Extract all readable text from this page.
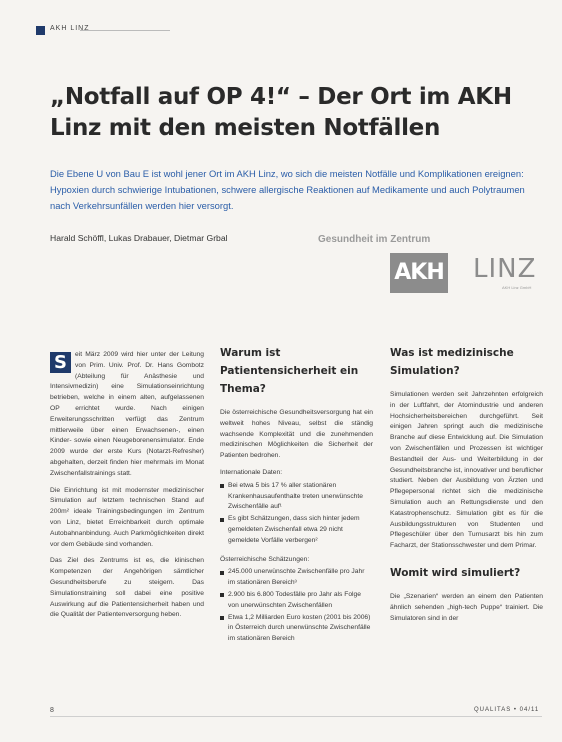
AKH LINZ
„Notfall auf OP 4!“ – Der Ort im AKH Linz mit den meisten Notfällen
Die Ebene U von Bau E ist wohl jener Ort im AKH Linz, wo sich die meisten Notfälle und Komplikationen ereignen: Hypoxien durch schwierige Intubationen, schwere allergische Reaktionen auf Medikamente und auch Polytraumen nach Verkehrsunfällen werden hier versorgt.
Harald Schöffl, Lukas Drabauer, Dietmar Grbal	Gesundheit im Zentrum
AKH LINZ
AKH Linz GmbH

S	eit März 2009 wird hier unter der Leitung von Prim. Univ. Prof. Dr. Hans Gombotz (Abteilung für Anästhesie und Intensivmedizin) eine Simulationseinrichtung betrieben, welche in einem alten, aufgelassenen OP errichtet wurde. Nach einigen Erweiterungsschritten verfügt das Zentrum mittlerweile über einen Erwachsenen-, einen Kinder- sowie einen Neugeborenensimulator. Ende 2009 wurde der erste Kurs (Notarzt-Refresher) abgehalten, derzeit finden hier mehrmals im Monat Zwischenfallstrainings statt.

Die Einrichtung ist mit modernster medizinischer Simulation auf letztem technischen Stand auf 200m² ideale Trainingsbedingungen im Zentrum von Linz, bietet Erreichbarkeit durch optimale Autobahnanbindung. Auch Parkmöglichkeiten direkt vor dem Gebäude sind vorhanden.

Das Ziel des Zentrums ist es, die klinischen Kompetenzen der Angehörigen sämtlicher Gesundheitsberufe zu steigern. Das Simulationstraining soll dabei eine positive Auswirkung auf die Patientensicherheit haben und die Qualität der Patientenversorgung heben.

Warum ist Patientensicherheit ein Thema?

Die österreichische Gesundheitsversorgung hat ein weltweit hohes Niveau, selbst die ständig wachsende Komplexität und die zunehmenden medizinischen Möglichkeiten die Sicherheit der Patienten bedrohen.

Internationale Daten:
Bei etwa 5 bis 17 % aller stationären Krankenhausaufenthalte treten unerwünschte Zwischenfälle auf¹
Es gibt Schätzungen, dass sich hinter jedem gemeldeten Zwischenfall etwa 29 nicht gemeldete Vorfälle verbergen²
Österreichische Schätzungen:
245.000 unerwünschte Zwischenfälle pro Jahr im stationären Bereich³
2.900 bis 6.800 Todesfälle pro Jahr als Folge von unerwünschten Zwischenfällen
Etwa 1,2 Milliarden Euro kosten (2001 bis 2006) in Österreich durch unerwünschte Zwischenfälle im stationären Bereich
Was ist medizinische Simulation?

Simulationen werden seit Jahrzehnten erfolgreich in der Luftfahrt, der Atomindustrie und anderen Hochsicherheitsbereichen durchgeführt. Seit einigen Jahren springt auch die medizinische Branche auf diese Entwicklung auf. Die Simulation von Zwischenfällen und Prozessen ist wichtiger Bestandteil der Aus- und Weiterbildung in der Gesundheitsbranche ist, innovativer und beruflicher studiert. Neben der Ausbildung von Ärzten und Pflegepersonal richtet sich die medizinische Simulation auch an Rettungsdienste und den Katastrophenschutz. Simulation gibt es für die Ausbildungsstrukturen von Studenten und Pflegeschüler über den Turnusarzt bis hin zum Facharzt, der Stationsschwester und dem Primar.

Womit wird simuliert?

Die „Szenarien“ werden an einem den Patienten ähnlich sehenden „high-tech Puppe“ trainiert. Die Simulatoren sind in der

8	QUALITAS • 04/11
